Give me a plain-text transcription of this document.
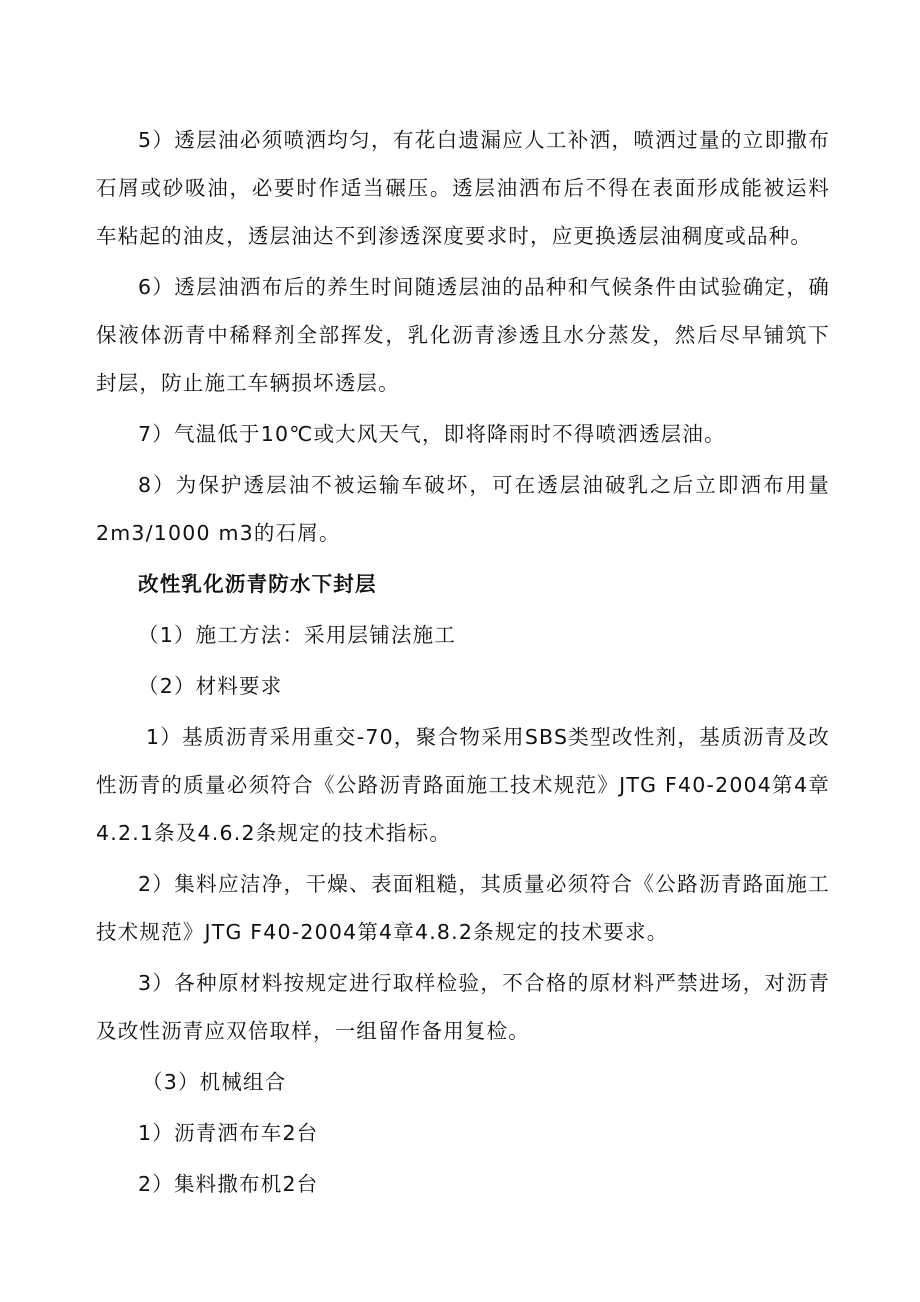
5）透层油必须喷洒均匀，有花白遗漏应人工补洒，喷洒过量的立即撒布石屑或砂吸油，必要时作适当碾压。透层油洒布后不得在表面形成能被运料车粘起的油皮，透层油达不到渗透深度要求时，应更换透层油稠度或品种。

6）透层油洒布后的养生时间随透层油的品种和气候条件由试验确定，确保液体沥青中稀释剂全部挥发，乳化沥青渗透且水分蒸发，然后尽早铺筑下封层，防止施工车辆损坏透层。

7）气温低于10℃或大风天气，即将降雨时不得喷洒透层油。

8）为保护透层油不被运输车破坏，可在透层油破乳之后立即洒布用量2m3/1000 m3的石屑。

改性乳化沥青防水下封层

（1）施工方法：采用层铺法施工

（2）材料要求

1）基质沥青采用重交-70，聚合物采用SBS类型改性剂，基质沥青及改性沥青的质量必须符合《公路沥青路面施工技术规范》JTG F40-2004第4章4.2.1条及4.6.2条规定的技术指标。

2）集料应洁净，干燥、表面粗糙，其质量必须符合《公路沥青路面施工技术规范》JTG F40-2004第4章4.8.2条规定的技术要求。

3）各种原材料按规定进行取样检验，不合格的原材料严禁进场，对沥青及改性沥青应双倍取样，一组留作备用复检。

（3）机械组合

1）沥青洒布车2台

2）集料撒布机2台
